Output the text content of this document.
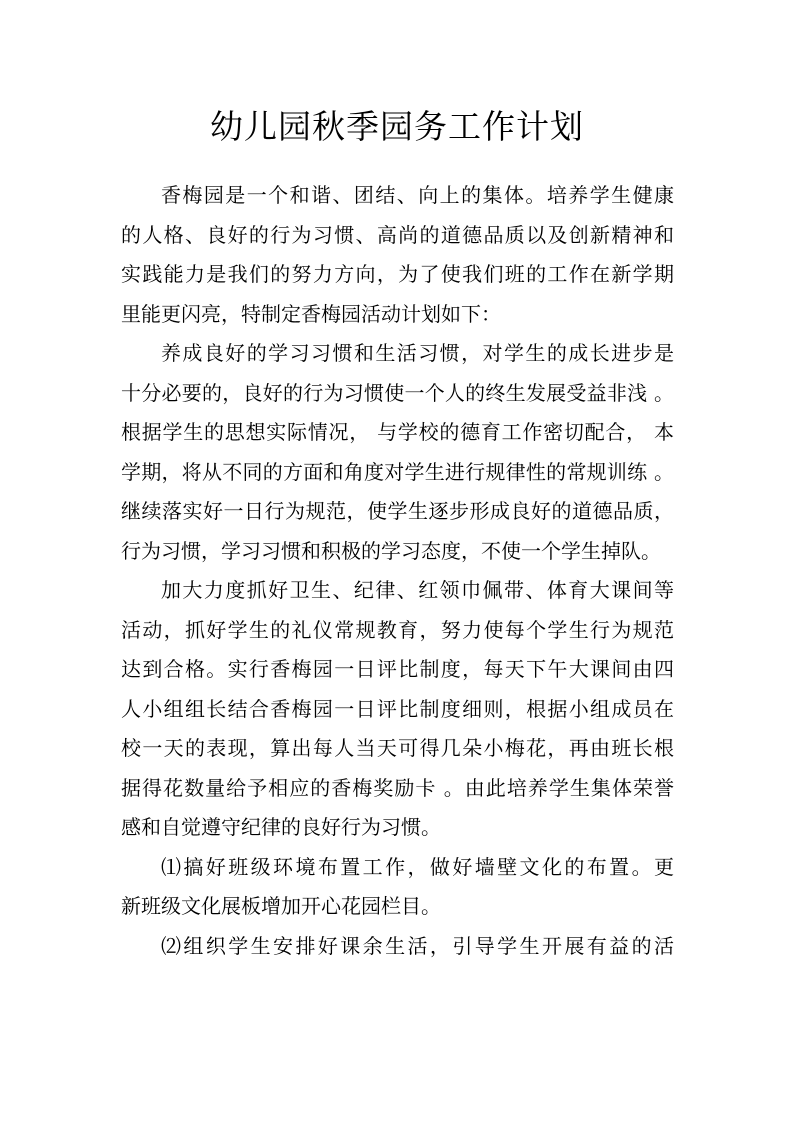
幼儿园秋季园务工作计划

香梅园是一个和谐、团结、向上的集体。培养学生健康
的人格、良好的行为习惯、高尚的道德品质以及创新精神和
实践能力是我们的努力方向，为了使我们班的工作在新学期
里能更闪亮，特制定香梅园活动计划如下：

养成良好的学习习惯和生活习惯，对学生的成长进步是
十分必要的，良好的行为习惯使一个人的终生发展受益非浅 。
根据学生的思想实际情况， 与学校的德育工作密切配合， 本
学期，将从不同的方面和角度对学生进行规律性的常规训练 。
继续落实好一日行为规范，使学生逐步形成良好的道德品质，
行为习惯，学习习惯和积极的学习态度，不使一个学生掉队。

加大力度抓好卫生、纪律、红领巾佩带、体育大课间等
活动，抓好学生的礼仪常规教育，努力使每个学生行为规范
达到合格。实行香梅园一日评比制度，每天下午大课间由四
人小组组长结合香梅园一日评比制度细则，根据小组成员在
校一天的表现，算出每人当天可得几朵小梅花，再由班长根
据得花数量给予相应的香梅奖励卡 。由此培养学生集体荣誉
感和自觉遵守纪律的良好行为习惯。

⑴搞好班级环境布置工作，做好墙壁文化的布置。更
新班级文化展板增加开心花园栏目。

⑵组织学生安排好课余生活，引导学生开展有益的活
